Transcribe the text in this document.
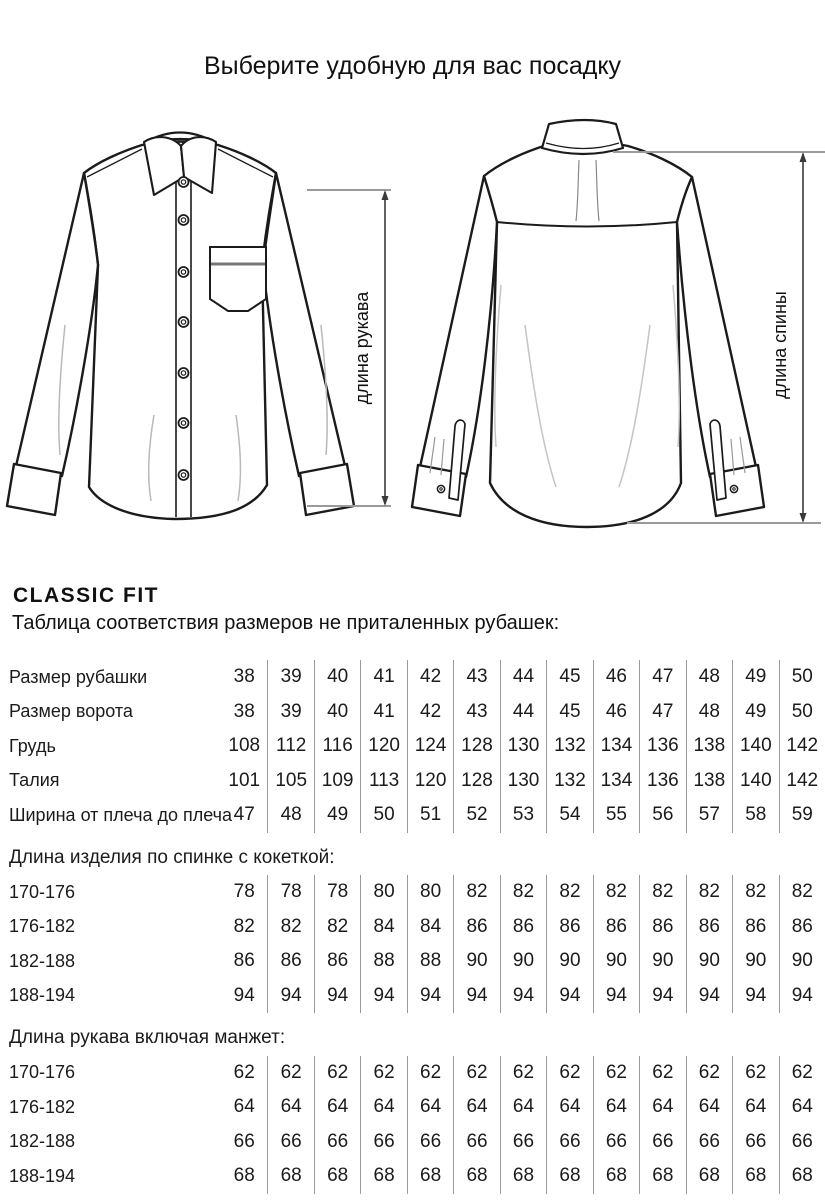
Выберите удобную для вас посадку
длина рукава	длина спины
CLASSIC FIT
Таблица соответствия размеров не приталенных рубашек:
Размер рубашки	38	39	40	41	42	43	44	45	46	47	48	49	50
Размер ворота	38	39	40	41	42	43	44	45	46	47	48	49	50
Грудь	108 112 116 120 124 128 130 132 134 136 138 140 142
Талия	101 105 109 113 120 128 130 132 134 136 138 140 142
Ширина от плеча до плеча 47	48	49	50	51	52	53	54	55	56	57	58	59
Длина изделия по спинке с кокеткой:
170-176	78	78	78	80	80	82	82	82	82	82	82	82	82
176-182	82	82	82	84	84	86	86	86	86	86	86	86	86
182-188	86	86	86	88	88	90	90	90	90	90	90	90	90
188-194	94	94	94	94	94	94	94	94	94	94	94	94	94
Длина рукава включая манжет:
170-176	62	62	62	62	62	62	62	62	62	62	62	62	62
176-182	64	64	64	64	64	64	64	64	64	64	64	64	64
182-188	66	66	66	66	66	66	66	66	66	66	66	66	66
188-194	68	68	68	68	68	68	68	68	68	68	68	68	68
